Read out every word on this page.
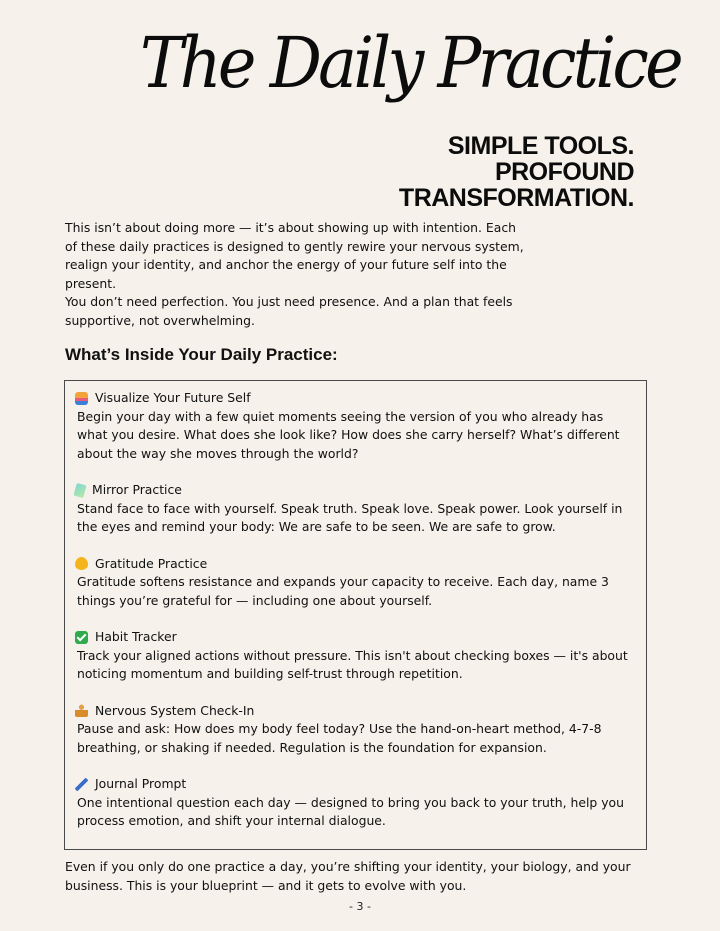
The Daily Practice
SIMPLE TOOLS.
PROFOUND
TRANSFORMATION.

This isn’t about doing more — it’s about showing up with intention. Each of these daily practices is designed to gently rewire your nervous system, realign your identity, and anchor the energy of your future self into the present.

You don’t need perfection. You just need presence. And a plan that feels supportive, not overwhelming.

What’s Inside Your Daily Practice:
Visualize Your Future Self
Begin your day with a few quiet moments seeing the version of you who already has what you desire. What does she look like? How does she carry herself? What’s different about the way she moves through the world?
Mirror Practice
Stand face to face with yourself. Speak truth. Speak love. Speak power. Look yourself in the eyes and remind your body: We are safe to be seen. We are safe to grow.
Gratitude Practice
Gratitude softens resistance and expands your capacity to receive. Each day, name 3 things you’re grateful for — including one about yourself.
Habit Tracker
Track your aligned actions without pressure. This isn't about checking boxes — it's about noticing momentum and building self-trust through repetition.
Nervous System Check-In
Pause and ask: How does my body feel today? Use the hand-on-heart method, 4-7-8 breathing, or shaking if needed. Regulation is the foundation for expansion.
Journal Prompt
One intentional question each day — designed to bring you back to your truth, help you process emotion, and shift your internal dialogue.
Even if you only do one practice a day, you’re shifting your identity, your biology, and your business. This is your blueprint — and it gets to evolve with you.
- 3 -
